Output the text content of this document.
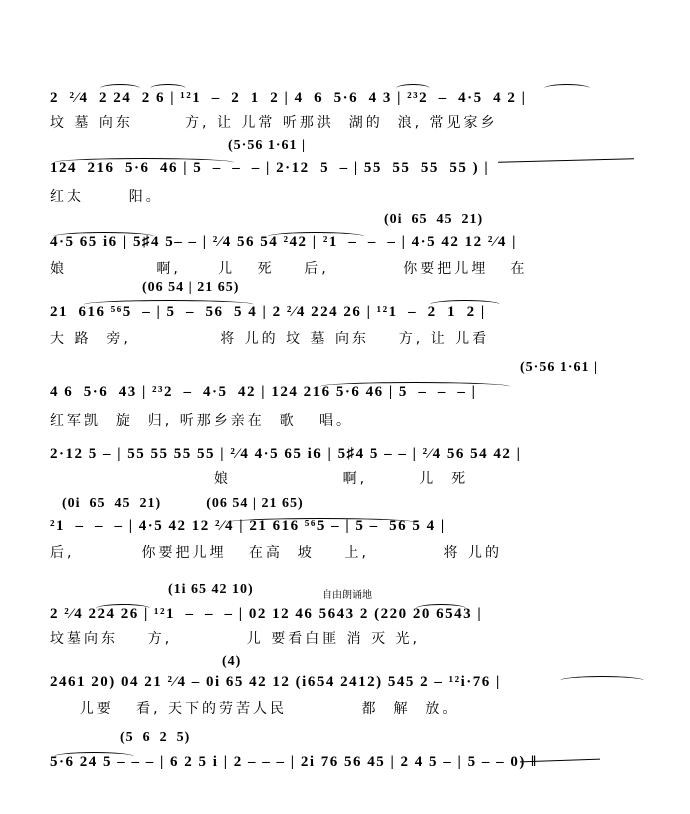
2  ²⁄4  2 24  2 6 | ¹²1  –  2  1  2 | 4  6  5·6  4 3 | ²³2  –  4·5  4 2 |
坟 墓 向东       方, 让 儿常 听那洪  湖的  浪, 常见家乡
(5·56 1·61 |
124  216  5·6  46 | 5  –  –  – | 2·12  5  – | 55  55  55  55 ) |
红太      阳。
(0i  65  45  21)
4·5 65 i6 | 5♯4 5– – | ²⁄4 56 54 ²42 | ²1  –  –  – | 4·5 42 12 ²⁄4 |
娘            啊,     儿   死    后,          你要把儿埋   在
(06 54 | 21 65)
21  616 ⁵⁶5  – | 5  –  56  5 4 | 2 ²⁄4 224 26 | ¹²1  –  2  1  2 |
大 路  旁,            将 儿的 坟 墓 向东    方, 让 儿看
(5·56 1·61 |
4 6  5·6  43 | ²³2  –  4·5  42 | 124 216 5·6 46 | 5  –  –  – |
红军凯  旋  归, 听那乡亲在  歌   唱。
2·12 5 – | 55 55 55 55 | ²⁄4 4·5 65 i6 | 5♯4 5 – – | ²⁄4 56 54 42 |
娘               啊,       儿  死
(0i  65  45  21)          (06 54 | 21 65)
²1  –  –  – | 4·5 42 12 ²⁄4 | 21 616 ⁵⁶5 – | 5 –  56 5 4 |
后,         你要把儿埋   在高  坡    上,          将 儿的
自由朗诵地
(1i 65 42 10)
2 ²⁄4 224 26 | ¹²1  –  –  – | 02 12 46 5643 2 (220 20 6543 |
坟墓向东    方,          儿 要看白匪 消 灭 光,
(4)
2461 20) 04 21 ²⁄4 – 0i 65 42 12 (i654 2412) 545 2 – ¹²i·76 |
儿要   看, 天下的劳苦人民          都  解  放。
(5  6  2  5)
5·6 24 5 – – – | 6 2 5 i | 2 – – – | 2i 76 56 45 | 2 4 5 – | 5 – – 0) ‖
